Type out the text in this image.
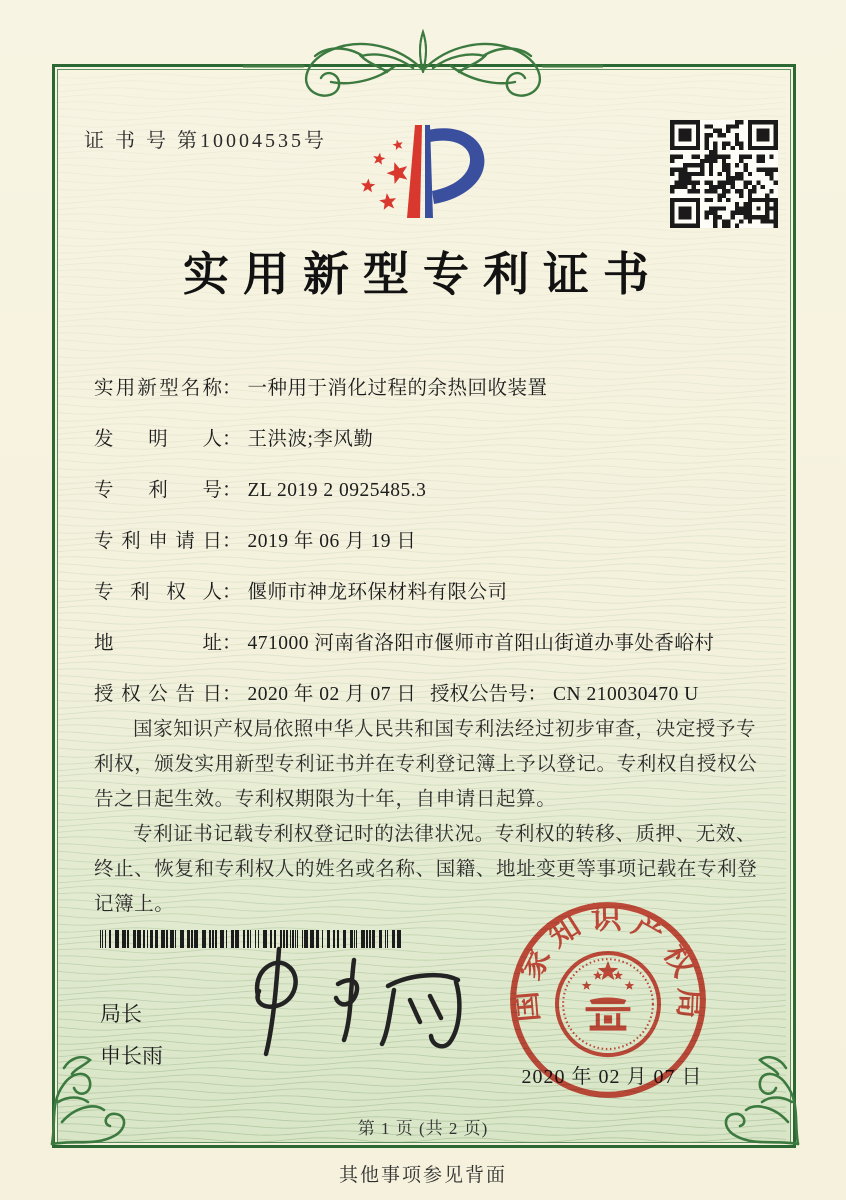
证 书 号 第10004535号
实用新型专利证书
实用新型名称： 一种用于消化过程的余热回收装置
发明人： 王洪波;李风勤
专利号： ZL 2019 2 0925485.3
专利申请日： 2019 年 06 月 19 日
专利权人： 偃师市神龙环保材料有限公司
地址： 471000 河南省洛阳市偃师市首阳山街道办事处香峪村
授权公告日： 2020 年 02 月 07 日 授权公告号： CN 210030470 U

国家知识产权局依照中华人民共和国专利法经过初步审查，决定授予专利权，颁发实用新型专利证书并在专利登记簿上予以登记。专利权自授权公告之日起生效。专利权期限为十年，自申请日起算。

专利证书记载专利权登记时的法律状况。专利权的转移、质押、无效、终止、恢复和专利权人的姓名或名称、国籍、地址变更等事项记载在专利登记簿上。

局长
申长雨
2020 年 02 月 07 日
国家知识产权局
第 1 页 (共 2 页)
其他事项参见背面
